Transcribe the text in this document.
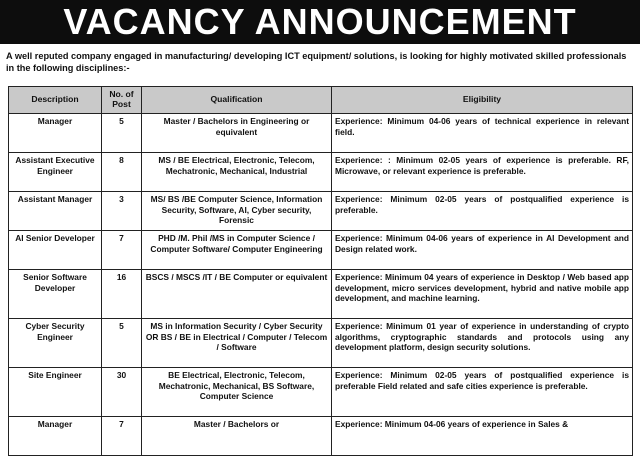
VACANCY ANNOUNCEMENT
A well reputed company engaged in manufacturing/ developing ICT equipment/ solutions, is looking for highly motivated skilled professionals in the following disciplines:-
Description	No. of Post	Qualification	Eligibility
Manager	5	Master / Bachelors in Engineering or equivalent	Experience: Minimum 04-06 years of technical experience in relevant field.
Assistant Executive Engineer	8	MS / BE Electrical, Electronic, Telecom, Mechatronic, Mechanical, Industrial	Experience: : Minimum 02-05 years of experience is preferable. RF, Microwave, or relevant experience is preferable.
Assistant Manager	3	MS/ BS /BE Computer Science, Information Security, Software, AI, Cyber security, Forensic	Experience: Minimum 02-05 years of postqualified experience is preferable.
AI Senior Developer	7	PHD /M. Phil /MS in Computer Science / Computer Software/ Computer Engineering	Experience: Minimum 04-06 years of experience in AI Development and Design related work.
Senior Software Developer	16	BSCS / MSCS /IT / BE Computer or equivalent	Experience: Minimum 04 years of experience in Desktop / Web based app development, micro services development, hybrid and native mobile app development, and machine learning.
Cyber Security Engineer	5	MS in Information Security / Cyber Security OR BS / BE in Electrical / Computer / Telecom / Software	Experience: Minimum 01 year of experience in understanding of crypto algorithms, cryptographic standards and protocols using any development platform, design security solutions.
Site Engineer	30	BE Electrical, Electronic, Telecom, Mechatronic, Mechanical, BS Software, Computer Science	Experience: Minimum 02-05 years of postqualified experience is preferable Field related and safe cities experience is preferable.
Manager	7	Master / Bachelors or	Experience: Minimum 04-06 years of experience in Sales &
